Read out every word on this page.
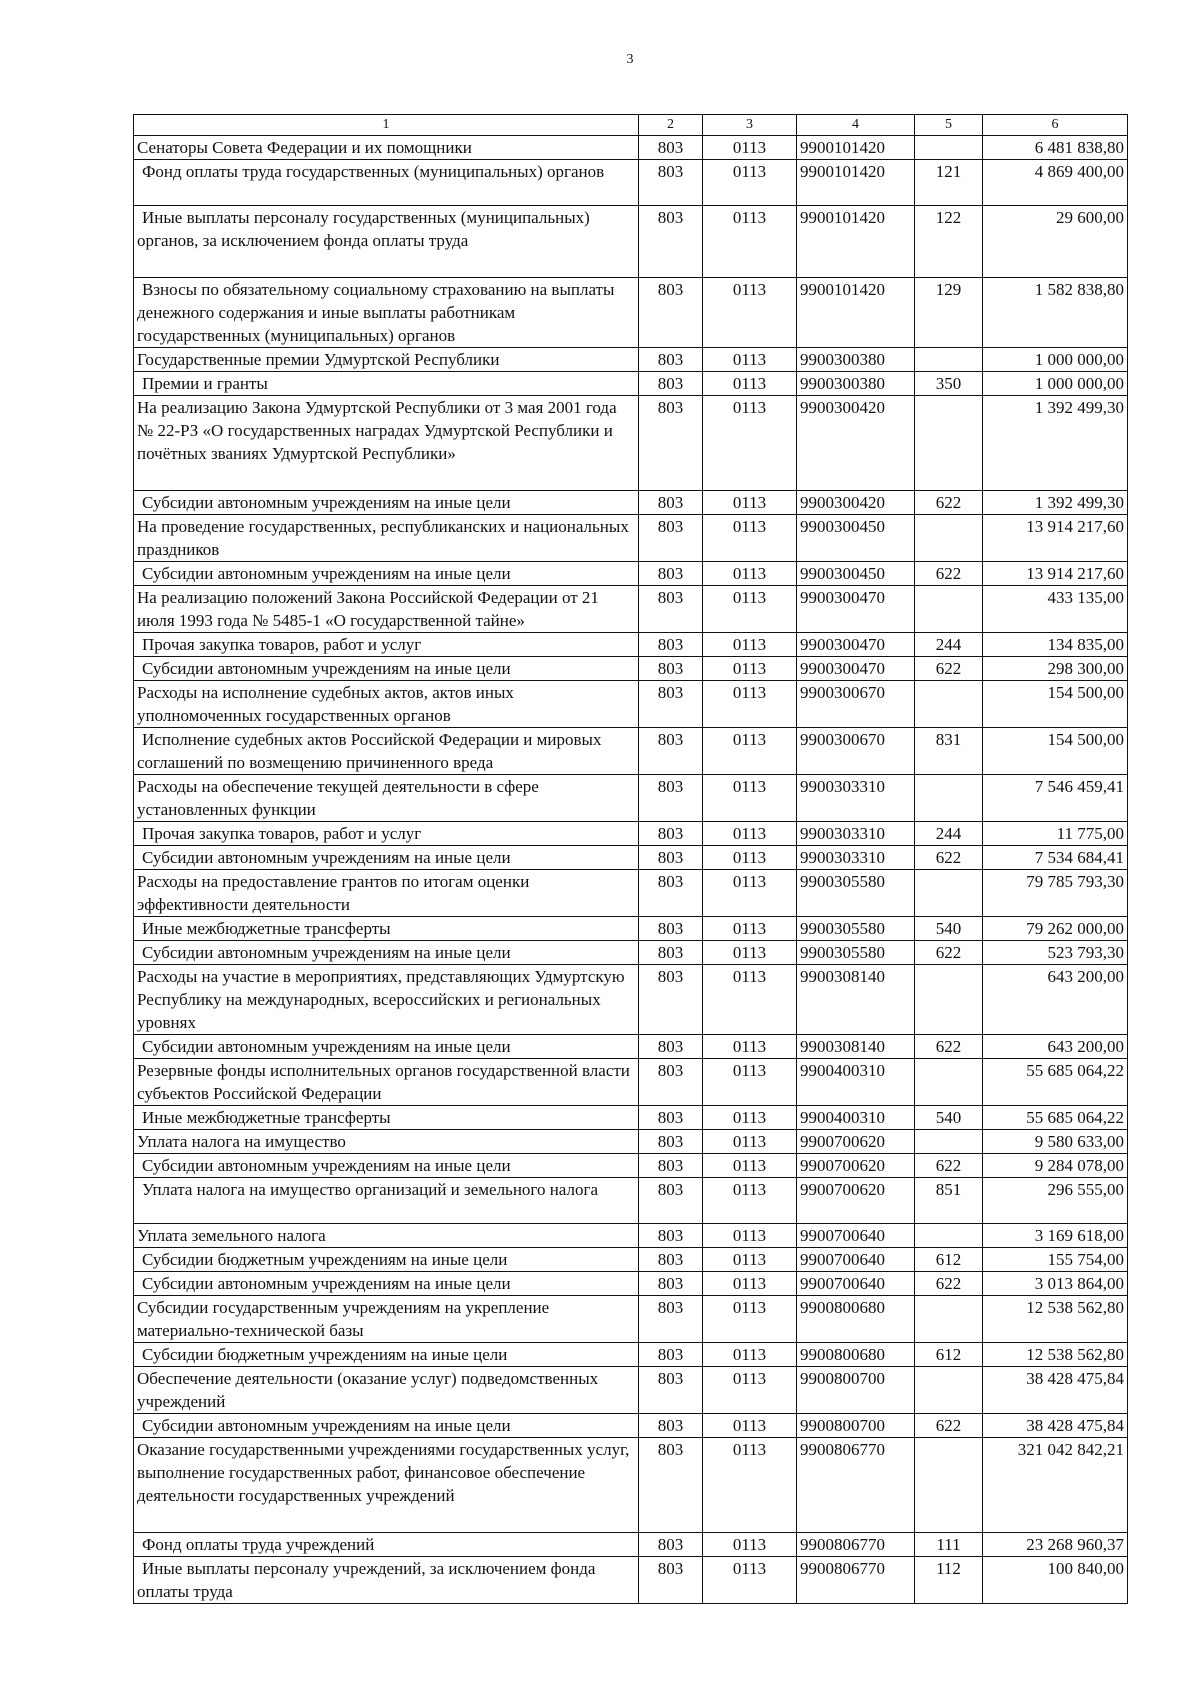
3
1	2	3	4	5	6
Сенаторы Совета Федерации и их помощники	803	0113	9900101420		6 481 838,80
Фонд оплаты труда государственных (муниципальных) органов	803	0113	9900101420	121	4 869 400,00
Иные выплаты персоналу государственных (муниципальных) органов, за исключением фонда оплаты труда	803	0113	9900101420	122	29 600,00
Взносы по обязательному социальному страхованию на выплаты денежного содержания и иные выплаты работникам государственных (муниципальных) органов	803	0113	9900101420	129	1 582 838,80
Государственные премии Удмуртской Республики	803	0113	9900300380		1 000 000,00
Премии и гранты	803	0113	9900300380	350	1 000 000,00
На реализацию Закона Удмуртской Республики от 3 мая 2001 года № 22-РЗ «О государственных наградах Удмуртской Республики и почётных званиях Удмуртской Республики»	803	0113	9900300420		1 392 499,30
Субсидии автономным учреждениям на иные цели	803	0113	9900300420	622	1 392 499,30
На проведение государственных, республиканских и национальных праздников	803	0113	9900300450		13 914 217,60
Субсидии автономным учреждениям на иные цели	803	0113	9900300450	622	13 914 217,60
На реализацию положений Закона Российской Федерации от 21 июля 1993 года № 5485-1 «О государственной тайне»	803	0113	9900300470		433 135,00
Прочая закупка товаров, работ и услуг	803	0113	9900300470	244	134 835,00
Субсидии автономным учреждениям на иные цели	803	0113	9900300470	622	298 300,00
Расходы на исполнение судебных актов, актов иных уполномоченных государственных органов	803	0113	9900300670		154 500,00
Исполнение судебных актов Российской Федерации и мировых соглашений по возмещению причиненного вреда	803	0113	9900300670	831	154 500,00
Расходы на обеспечение текущей деятельности в сфере установленных функции	803	0113	9900303310		7 546 459,41
Прочая закупка товаров, работ и услуг	803	0113	9900303310	244	11 775,00
Субсидии автономным учреждениям на иные цели	803	0113	9900303310	622	7 534 684,41
Расходы на предоставление грантов по итогам оценки эффективности деятельности	803	0113	9900305580		79 785 793,30
Иные межбюджетные трансферты	803	0113	9900305580	540	79 262 000,00
Субсидии автономным учреждениям на иные цели	803	0113	9900305580	622	523 793,30
Расходы на участие в мероприятиях, представляющих Удмуртскую Республику на международных, всероссийских и региональных уровнях	803	0113	9900308140		643 200,00
Субсидии автономным учреждениям на иные цели	803	0113	9900308140	622	643 200,00
Резервные фонды исполнительных органов государственной власти субъектов Российской Федерации	803	0113	9900400310		55 685 064,22
Иные межбюджетные трансферты	803	0113	9900400310	540	55 685 064,22
Уплата налога на имущество	803	0113	9900700620		9 580 633,00
Субсидии автономным учреждениям на иные цели	803	0113	9900700620	622	9 284 078,00
Уплата налога на имущество организаций и земельного налога	803	0113	9900700620	851	296 555,00
Уплата земельного налога	803	0113	9900700640		3 169 618,00
Субсидии бюджетным учреждениям на иные цели	803	0113	9900700640	612	155 754,00
Субсидии автономным учреждениям на иные цели	803	0113	9900700640	622	3 013 864,00
Субсидии государственным учреждениям на укрепление материально-технической базы	803	0113	9900800680		12 538 562,80
Субсидии бюджетным учреждениям на иные цели	803	0113	9900800680	612	12 538 562,80
Обеспечение деятельности (оказание услуг) подведомственных учреждений	803	0113	9900800700		38 428 475,84
Субсидии автономным учреждениям на иные цели	803	0113	9900800700	622	38 428 475,84
Оказание государственными учреждениями государственных услуг, выполнение государственных работ, финансовое обеспечение деятельности государственных учреждений	803	0113	9900806770		321 042 842,21
Фонд оплаты труда учреждений	803	0113	9900806770	111	23 268 960,37
Иные выплаты персоналу учреждений, за исключением фонда оплаты труда	803	0113	9900806770	112	100 840,00
